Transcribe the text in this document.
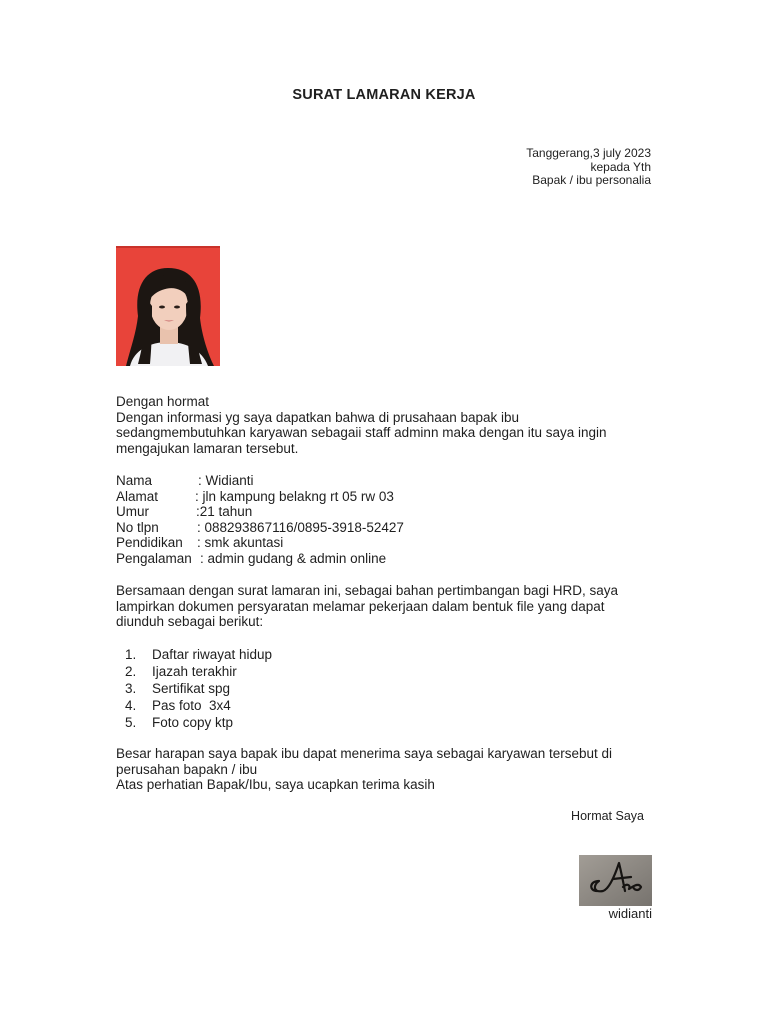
SURAT LAMARAN KERJA
Tanggerang,3 july 2023
kepada Yth
Bapak / ibu personalia
Dengan hormat
Dengan informasi yg saya dapatkan bahwa di prusahaan bapak ibu
sedangmembutuhkan karyawan sebagaii staff adminn maka dengan itu saya ingin
mengajukan lamaran tersebut.
Nama	: Widianti
Alamat	: jln kampung belakng rt 05 rw 03
Umur	:21 tahun
No tlpn	: 088293867116/0895-3918-52427
Pendidikan	: smk akuntasi
Pengalaman : admin gudang & admin online
Bersamaan dengan surat lamaran ini, sebagai bahan pertimbangan bagi HRD, saya
lampirkan dokumen persyaratan melamar pekerjaan dalam bentuk file yang dapat
diunduh sebagai berikut:
1.	Daftar riwayat hidup
2.	Ijazah terakhir
3.	Sertifikat spg
4.	Pas foto  3x4
5.	Foto copy ktp
Besar harapan saya bapak ibu dapat menerima saya sebagai karyawan tersebut di
perusahan bapakn / ibu
Atas perhatian Bapak/Ibu, saya ucapkan terima kasih
Hormat Saya
widianti
